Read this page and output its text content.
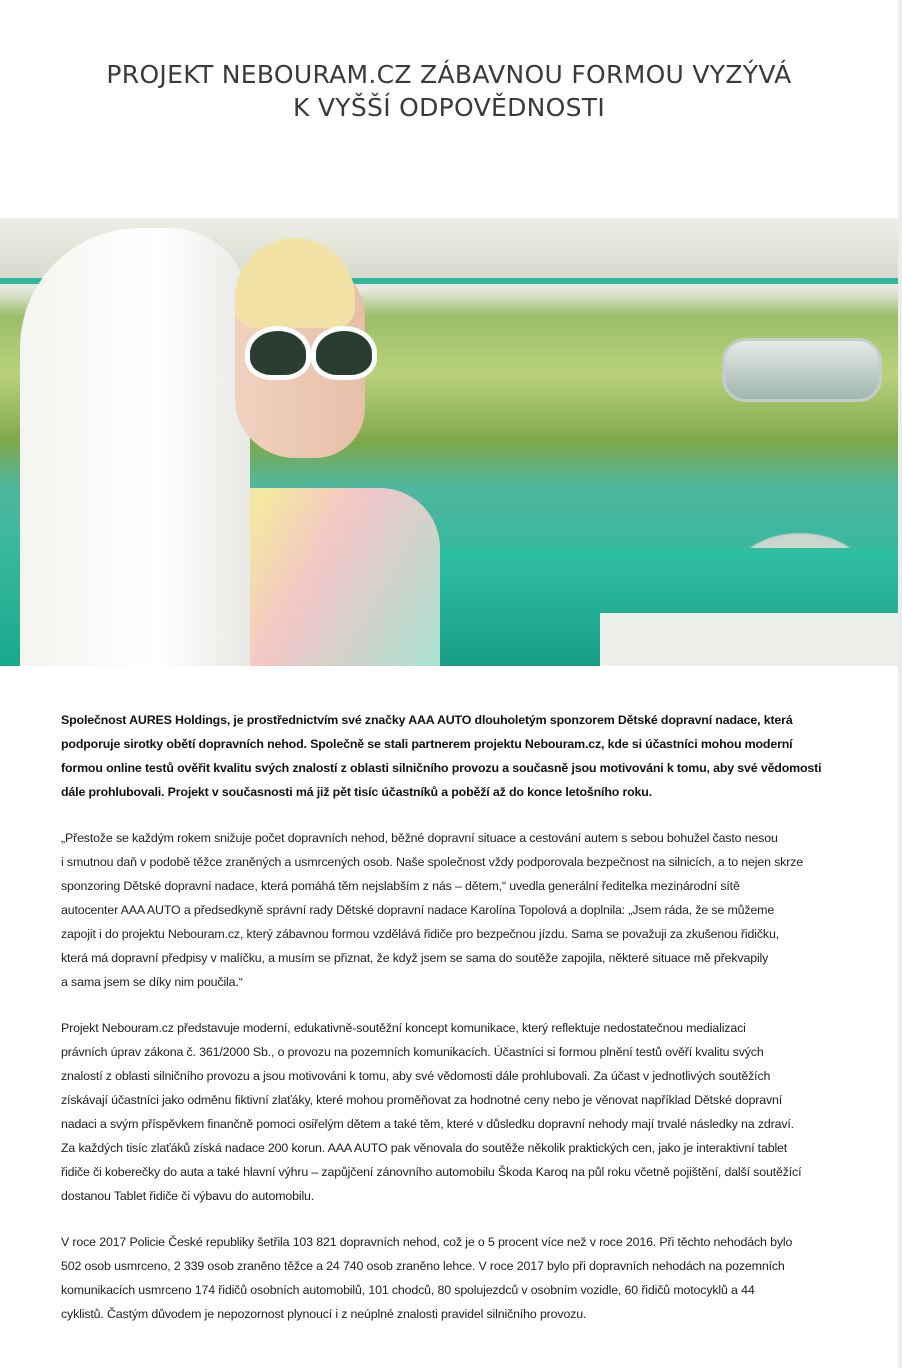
PROJEKT NEBOURAM.CZ ZÁBAVNOU FORMOU VYZÝVÁ
K VYŠŠÍ ODPOVĚDNOSTI
Společnost AURES Holdings, je prostřednictvím své značky AAA AUTO dlouholetým sponzorem Dětské dopravní nadace, která
podporuje sirotky obětí dopravních nehod. Společně se stali partnerem projektu Nebouram.cz, kde si účastníci mohou moderní
formou online testů ověřit kvalitu svých znalostí z oblasti silničního provozu a současně jsou motivováni k tomu, aby své vědomosti
dále prohlubovali. Projekt v současnosti má již pět tisíc účastníků a poběží až do konce letošního roku.
„Přestože se každým rokem snižuje počet dopravních nehod, běžné dopravní situace a cestování autem s sebou bohužel často nesou
i smutnou daň v podobě těžce zraněných a usmrcených osob. Naše společnost vždy podporovala bezpečnost na silnicích, a to nejen skrze
sponzoring Dětské dopravní nadace, která pomáhá těm nejslabším z nás – dětem,“ uvedla generální ředitelka mezinárodní sítě
autocenter AAA AUTO a předsedkyně správní rady Dětské dopravní nadace Karolína Topolová a doplnila: „Jsem ráda, že se můžeme
zapojit i do projektu Nebouram.cz, který zábavnou formou vzdělává řidiče pro bezpečnou jízdu. Sama se považuji za zkušenou řidičku,
která má dopravní předpisy v malíčku, a musím se přiznat, že když jsem se sama do soutěže zapojila, některé situace mě překvapily
a sama jsem se díky nim poučila.“
Projekt Nebouram.cz představuje moderní, edukativně-soutěžní koncept komunikace, který reflektuje nedostatečnou medializaci
právních úprav zákona č. 361/2000 Sb., o provozu na pozemních komunikacích. Účastníci si formou plnění testů ověří kvalitu svých
znalostí z oblasti silničního provozu a jsou motivováni k tomu, aby své vědomosti dále prohlubovali. Za účast v jednotlivých soutěžích
získávají účastníci jako odměnu fiktivní zlaťáky, které mohou proměňovat za hodnotné ceny nebo je věnovat například Dětské dopravní
nadaci a svým příspěvkem finančně pomoci osiřelým dětem a také těm, které v důsledku dopravní nehody mají trvalé následky na zdraví.
Za každých tisíc zlaťáků získá nadace 200 korun. AAA AUTO pak věnovala do soutěže několik praktických cen, jako je interaktivní tablet
řidiče či koberečky do auta a také hlavní výhru – zapůjčení zánovního automobilu Škoda Karoq na půl roku včetně pojištění, další soutěžící
dostanou Tablet řidiče či výbavu do automobilu.
V roce 2017 Policie České republiky šetřila 103 821 dopravních nehod, což je o 5 procent více než v roce 2016. Při těchto nehodách bylo
502 osob usmrceno, 2 339 osob zraněno těžce a 24 740 osob zraněno lehce. V roce 2017 bylo při dopravních nehodách na pozemních
komunikacích usmrceno 174 řidičů osobních automobilů, 101 chodců, 80 spolujezdců v osobním vozidle, 60 řidičů motocyklů a 44
cyklistů. Častým důvodem je nepozornost plynoucí i z neúplné znalosti pravidel silničního provozu.
